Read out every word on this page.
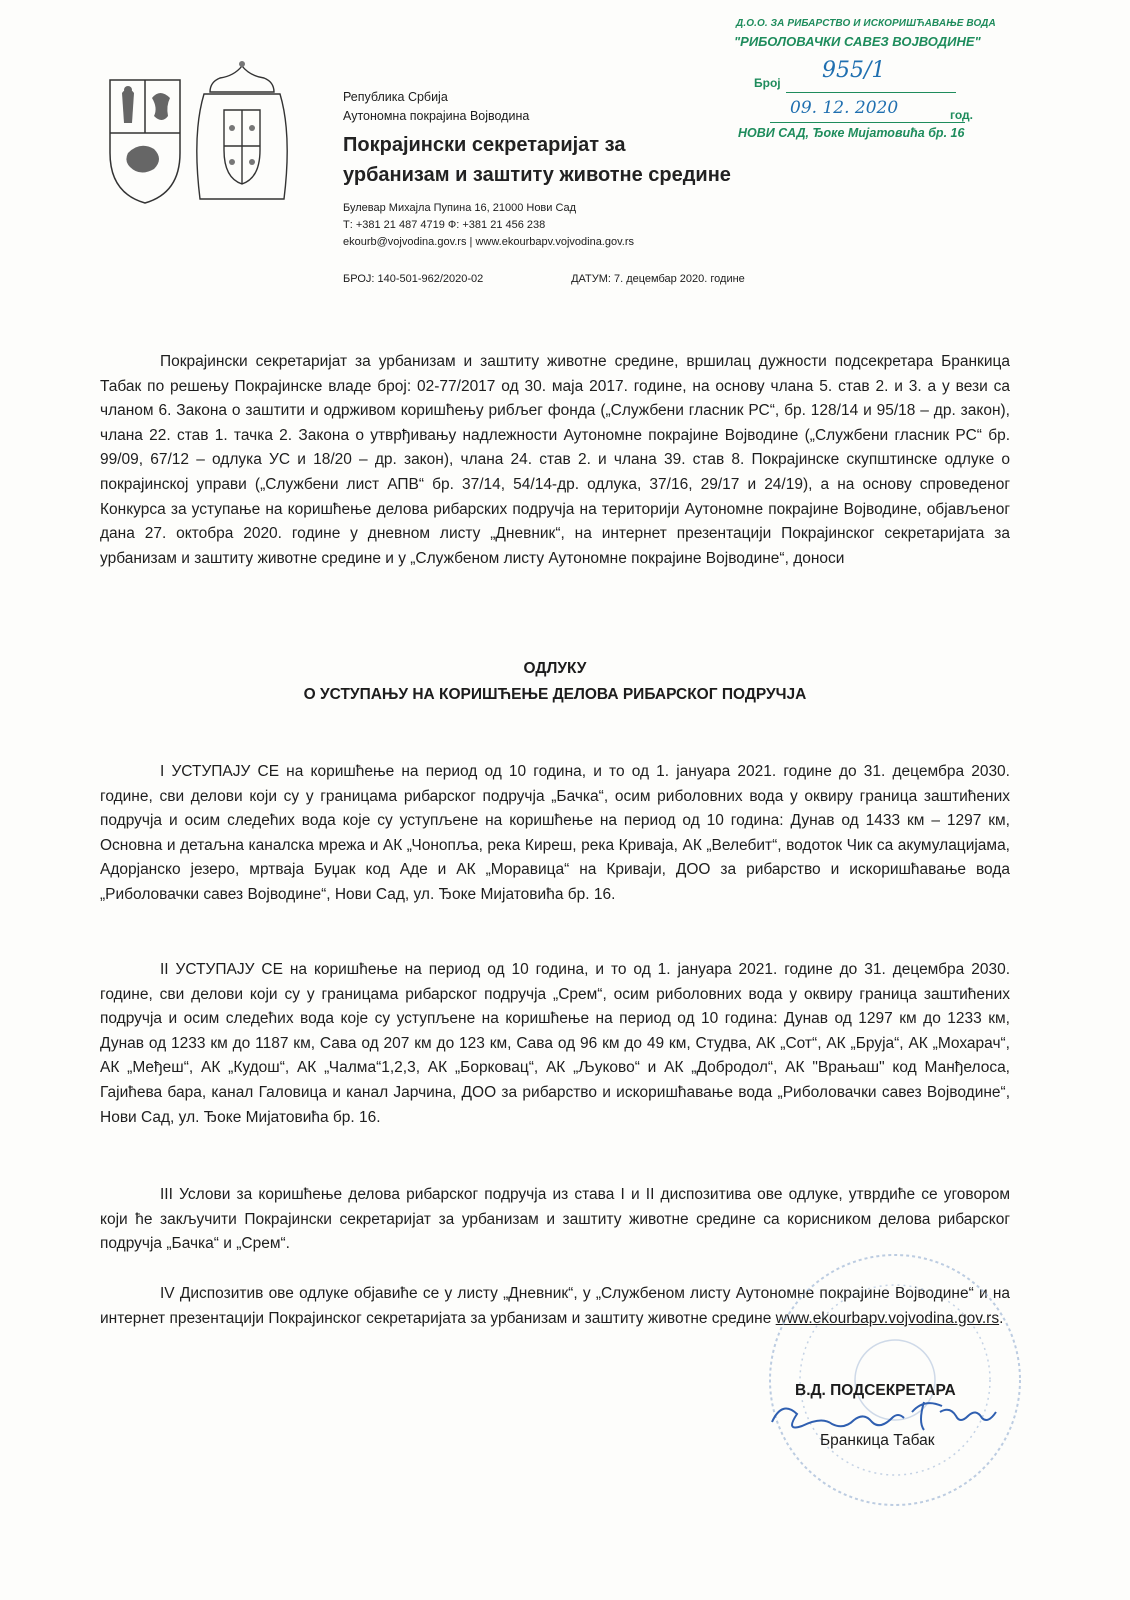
Република Србија
Аутономна покрајина Војводина
Покрајински секретаријат за
урбанизам и заштиту животне средине
Булевар Михајла Пупина 16, 21000 Нови Сад
Т: +381 21 487 4719 Ф: +381 21 456 238
ekourb@vojvodina.gov.rs | www.ekourbapv.vojvodina.gov.rs
БРОЈ: 140-501-962/2020-02	ДАТУМ: 7. децембар 2020. године
Д.О.О. ЗА РИБАРСТВО И ИСКОРИШЋАВАЊЕ ВОДА
"РИБОЛОВАЧКИ САВЕЗ ВОЈВОДИНЕ"
Број 955/1
09. 12. 2020	год.
НОВИ САД, Ђоке Мијатовића бр. 16
Покрајински секретаријат за урбанизам и заштиту животне средине, вршилац дужности подсекретара Бранкица Табак по решењу Покрајинске владе број: 02-77/2017 од 30. маја 2017. године, на основу члана 5. став 2. и 3. а у вези са чланом 6. Закона о заштити и одрживом коришћењу рибљег фонда („Службени гласник РС“, бр. 128/14 и 95/18 – др. закон), члана 22. став 1. тачка 2. Закона о утврђивању надлежности Аутономне покрајине Војводине („Службени гласник РС“ бр. 99/09, 67/12 – одлука УС и 18/20 – др. закон), члана 24. став 2. и члана 39. став 8. Покрајинске скупштинске одлуке о покрајинској управи („Службени лист АПВ“ бр. 37/14, 54/14-др. одлука, 37/16, 29/17 и 24/19), а на основу спроведеног Конкурса за уступање на коришћење делова рибарских подручја на територији Аутономне покрајине Војводине, објављеног дана 27. октобра 2020. године у дневном листу „Дневник“, на интернет презентацији Покрајинског секретаријата за урбанизам и заштиту животне средине и у „Службеном листу Аутономне покрајине Војводине“, доноси
ОДЛУКУ
О УСТУПАЊУ НА КОРИШЋЕЊЕ ДЕЛОВА РИБАРСКОГ ПОДРУЧЈА
I УСТУПАЈУ СЕ на коришћење на период од 10 година, и то од 1. јануара 2021. године до 31. децембра 2030. године, сви делови који су у границама рибарског подручја „Бачка“, осим риболовних вода у оквиру граница заштићених подручја и осим следећих вода које су уступљене на коришћење на период од 10 година: Дунав од 1433 км – 1297 км, Основна и детаљна каналска мрежа и АК „Чонопља, река Киреш, река Криваја, АК „Велебит“, водоток Чик са акумулацијама, Адорјанско језеро, мртваја Буџак код Аде и АК „Моравица“ на Кривaји, ДОО за рибарство и искоришћавање вода „Риболовачки савез Војводине“, Нови Сад, ул. Ђоке Мијатовића бр. 16.
II УСТУПАЈУ СЕ на коришћење на период од 10 година, и то од 1. јануара 2021. године до 31. децембра 2030. године, сви делови који су у границама рибарског подручја „Срем“, осим риболовних вода у оквиру граница заштићених подручја и осим следећих вода које су уступљене на коришћење на период од 10 година: Дунав од 1297 км до 1233 км, Дунав од 1233 км до 1187 км, Сава од 207 км до 123 км, Сава од 96 км до 49 км, Студва, АК „Сот“, АК „Бруја“, АК „Мохарач“, АК „Међеш“, АК „Кудош“, АК „Чалма“1,2,3, АК „Борковац“, АК „Љуково“ и АК „Добродол“, АК "Врањаш" код Манђелоса, Гајићева бара, канал Галовица и канал Јарчина, ДОО за рибарство и искоришћавање вода „Риболовачки савез Војводине“, Нови Сад, ул. Ђоке Мијатовића бр. 16.
III Услови за коришћење делова рибарског подручја из става I и II диспозитива ове одлуке, утврдиће се уговором који ће закључити Покрајински секретаријат за урбанизам и заштиту животне средине са корисником делова рибарског подручја „Бачка“ и „Срем“.
IV Диспозитив ове одлуке објавиће се у листу „Дневник“, у „Службеном листу Аутономне покрајине Војводине“ и на интернет презентацији Покрајинског секретаријата за урбанизам и заштиту животне средине www.ekourbapv.vojvodina.gov.rs.
В.Д. ПОДСЕКРЕТАРА
Бранкица Табак
